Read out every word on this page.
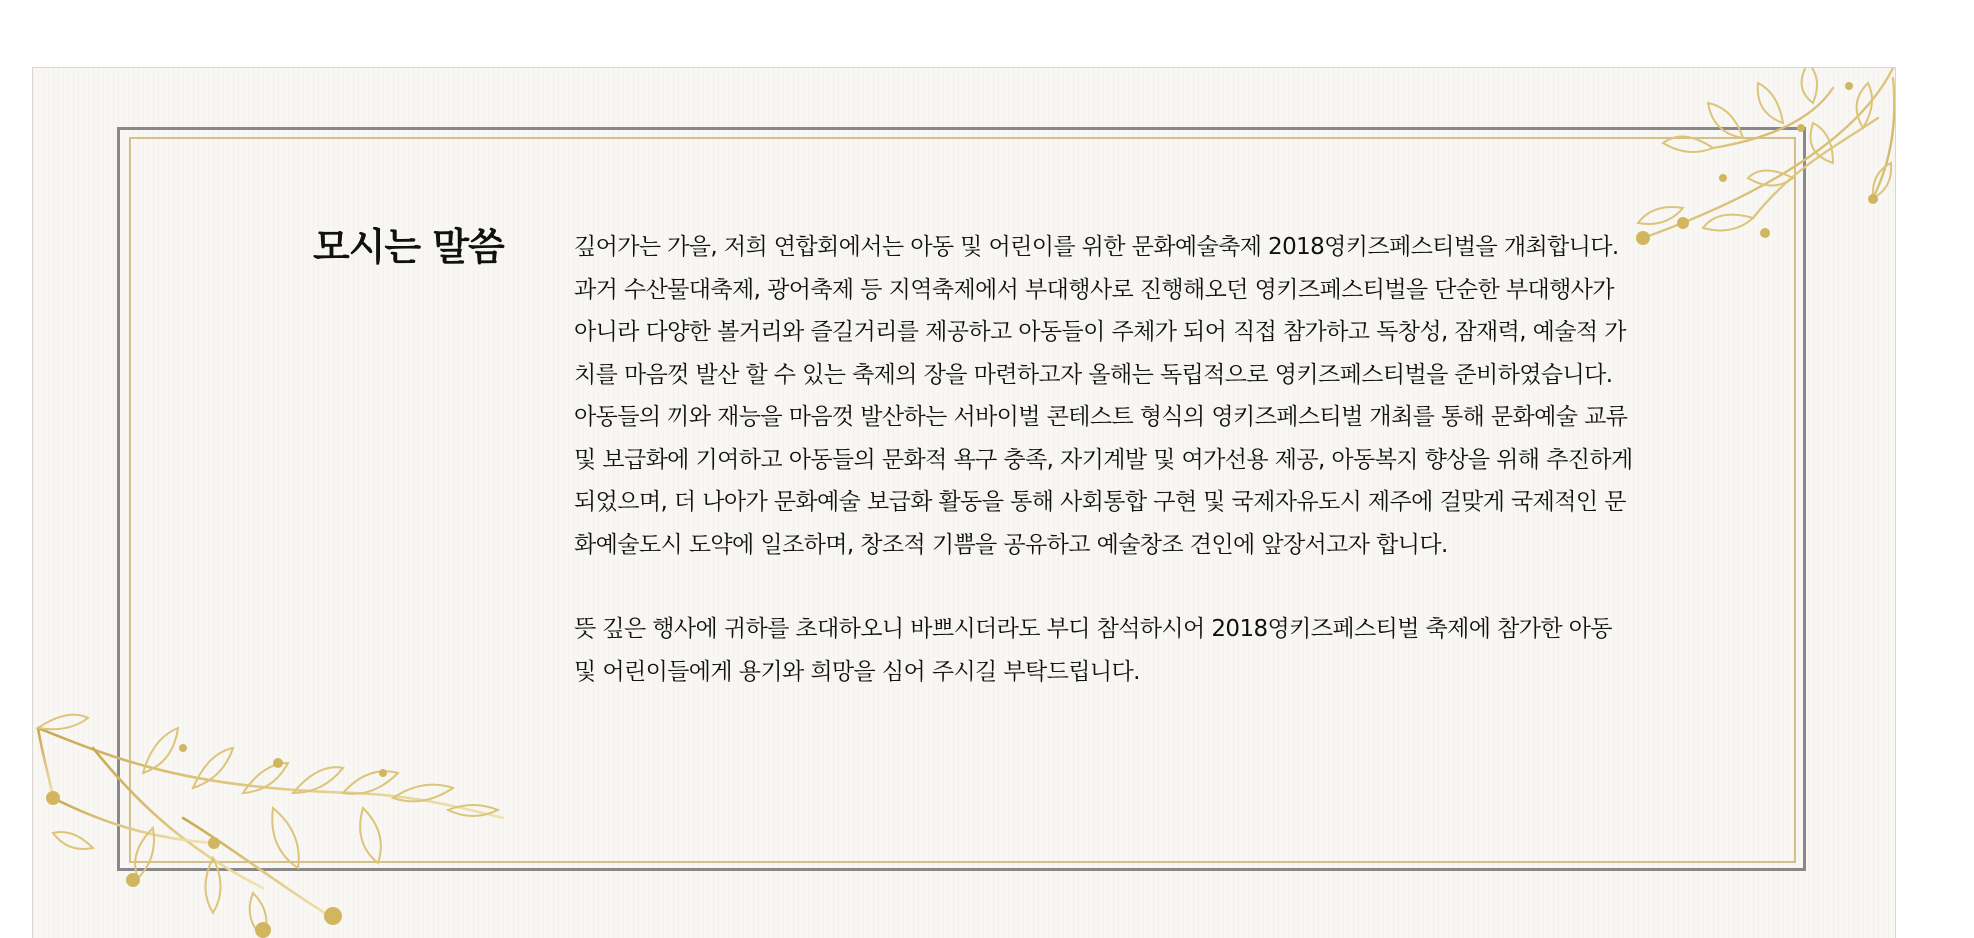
모시는 말씀	깊어가는 가을, 저희 연합회에서는 아동 및 어린이를 위한 문화예술축제 2018영키즈페스티벌을 개최합니다.

과거 수산물대축제, 광어축제 등 지역축제에서 부대행사로 진행해오던 영키즈페스티벌을 단순한 부대행사가 아니라 다양한 볼거리와 즐길거리를 제공하고 아동들이 주체가 되어 직접 참가하고 독창성, 잠재력, 예술적 가치를 마음껏 발산 할 수 있는 축제의 장을 마련하고자 올해는 독립적으로 영키즈페스티벌을 준비하였습니다.

아동들의 끼와 재능을 마음껏 발산하는 서바이벌 콘테스트 형식의 영키즈페스티벌 개최를 통해 문화예술 교류 및 보급화에 기여하고 아동들의 문화적 욕구 충족, 자기계발 및 여가선용 제공, 아동복지 향상을 위해 추진하게 되었으며, 더 나아가 문화예술 보급화 활동을 통해 사회통합 구현 및 국제자유도시 제주에 걸맞게 국제적인 문화예술도시 도약에 일조하며, 창조적 기쁨을 공유하고 예술창조 견인에 앞장서고자 합니다.

뜻 깊은 행사에 귀하를 초대하오니 바쁘시더라도 부디 참석하시어 2018영키즈페스티벌 축제에 참가한 아동 및 어린이들에게 용기와 희망을 심어 주시길 부탁드립니다.
